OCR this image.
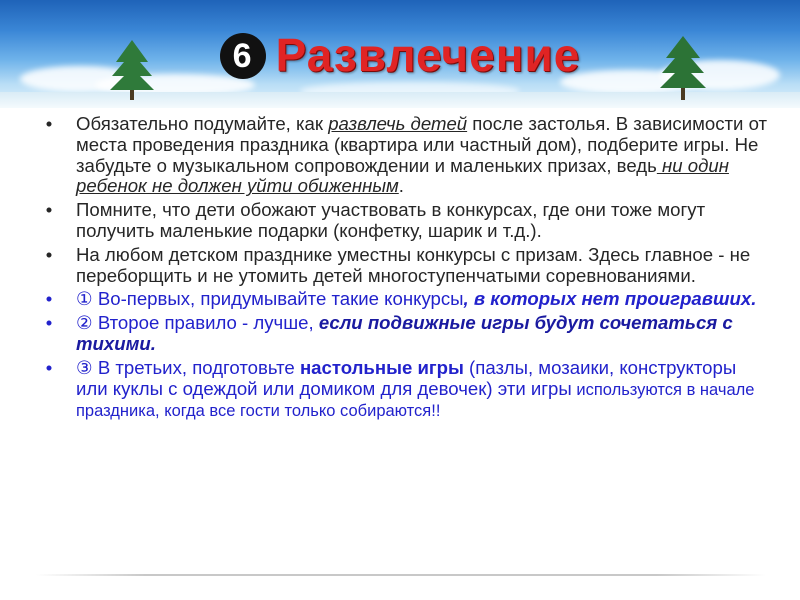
6 Развлечение
• Обязательно подумайте, как развлечь детей после застолья. В зависимости от места проведения праздника (квартира или частный дом), подберите игры. Не забудьте о музыкальном сопровождении и маленьких призах, ведь ни один ребенок не должен уйти обиженным.
• Помните, что дети обожают участвовать в конкурсах, где они тоже могут получить маленькие подарки (конфетку, шарик и т.д.).
• На любом детском празднике уместны конкурсы с призам. Здесь главное - не переборщить и не утомить детей многоступенчатыми соревнованиями.
• ① Во-первых, придумывайте такие конкурсы, в которых нет проигравших.
• ② Второе правило - лучше, если подвижные игры будут сочетаться с тихими.
• ③ В третьих, подготовьте настольные игры (пазлы, мозаики, конструкторы или куклы с одеждой или домиком для девочек) эти игры используются в начале праздника, когда все гости только собираются!!
